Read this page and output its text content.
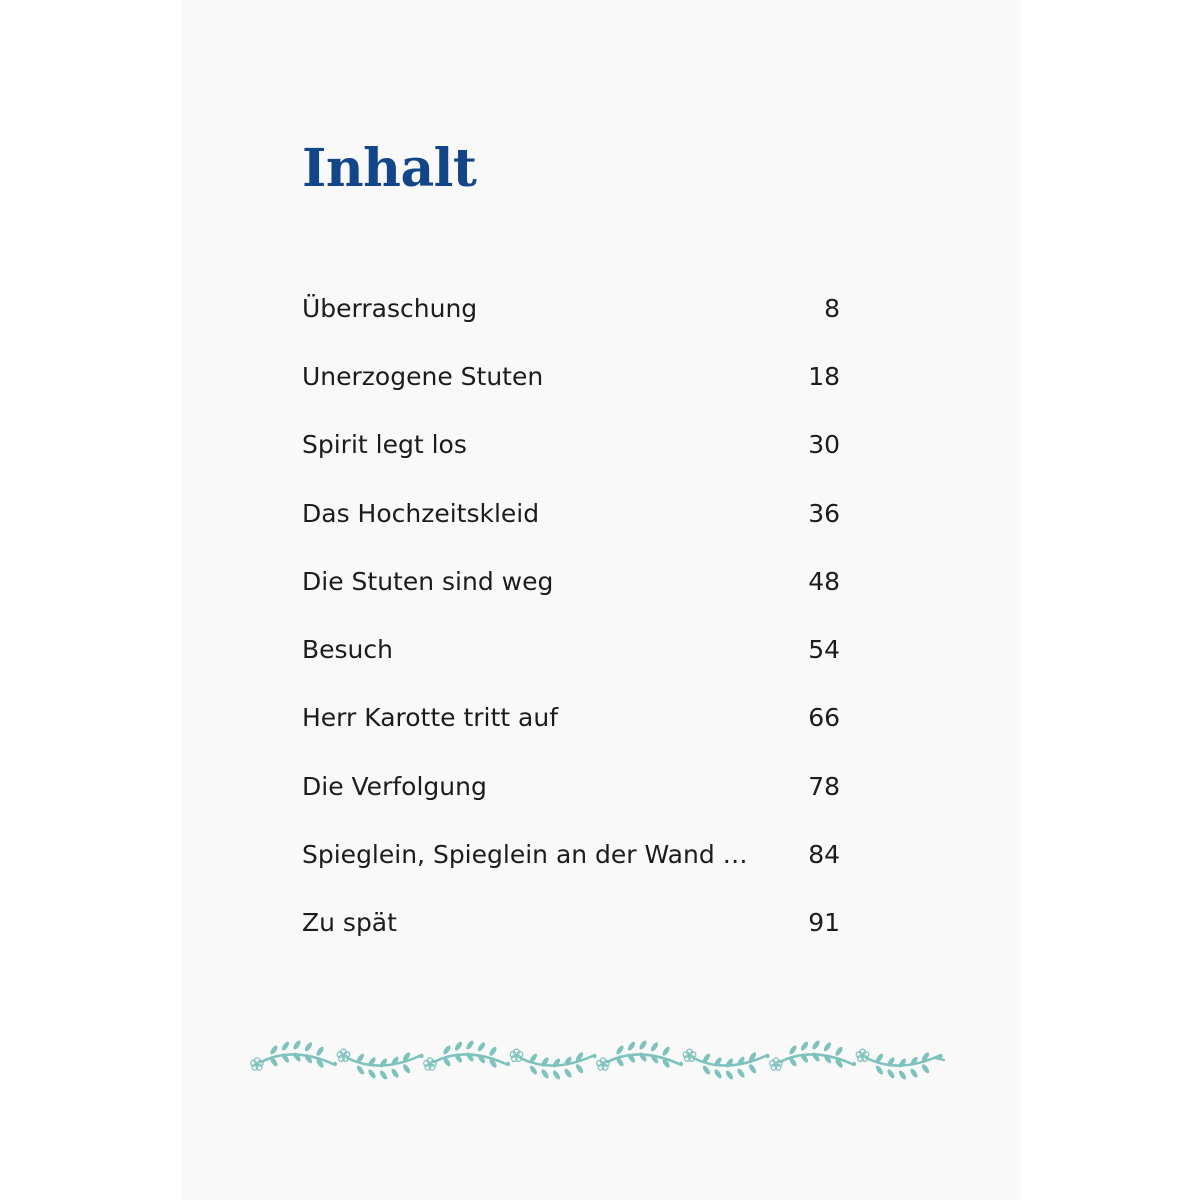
Inhalt
Überraschung	8
Unerzogene Stuten	18
Spirit legt los	30
Das Hochzeitskleid	36
Die Stuten sind weg	48
Besuch	54
Herr Karotte tritt auf	66
Die Verfolgung	78
Spieglein, Spieglein an der Wand … 84
Zu spät	91
